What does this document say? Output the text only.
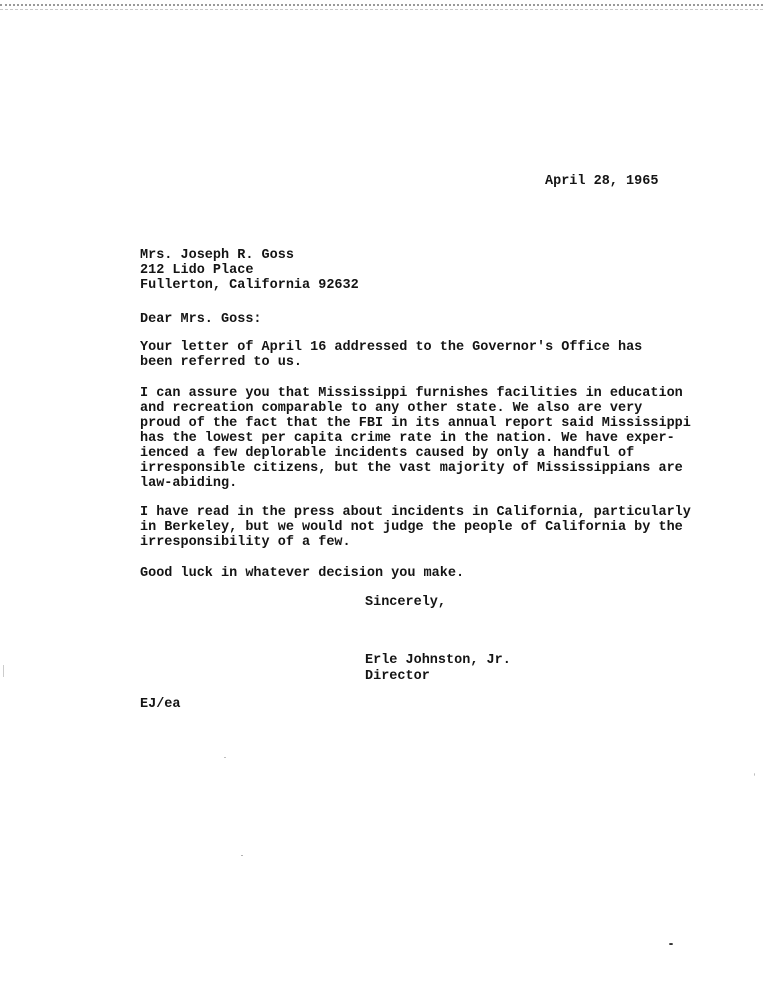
April 28, 1965
Mrs. Joseph R. Goss
212 Lido Place
Fullerton, California 92632
Dear Mrs. Goss:
Your letter of April 16 addressed to the Governor's Office has
been referred to us.
I can assure you that Mississippi furnishes facilities in education
and recreation comparable to any other state. We also are very
proud of the fact that the FBI in its annual report said Mississippi
has the lowest per capita crime rate in the nation. We have exper-
ienced a few deplorable incidents caused by only a handful of
irresponsible citizens, but the vast majority of Mississippians are
law-abiding.
I have read in the press about incidents in California, particularly
in Berkeley, but we would not judge the people of California by the
irresponsibility of a few.
Good luck in whatever decision you make.
Sincerely,
Erle Johnston, Jr.
Director
EJ/ea
